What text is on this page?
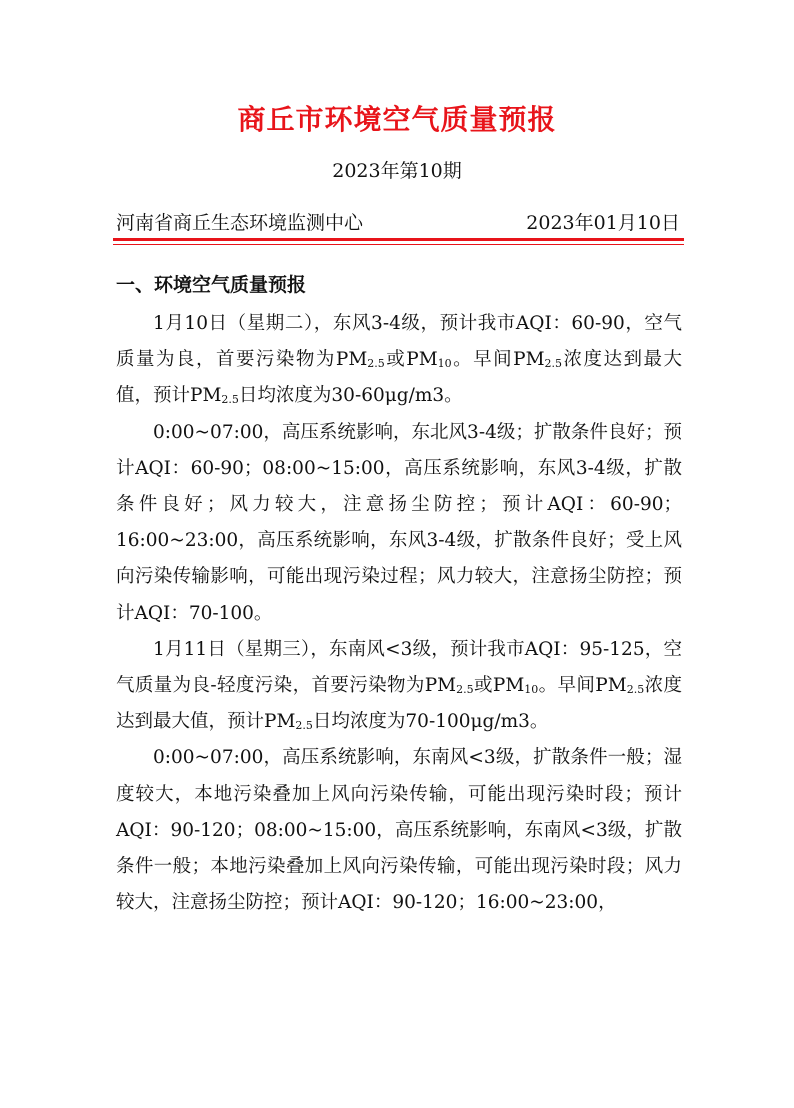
商丘市环境空气质量预报
2023年第10期
河南省商丘生态环境监测中心	2023年01月10日
一、环境空气质量预报

1月10日（星期二），东风3-4级，预计我市AQI：60-90，空气质量为良，首要污染物为$PM_{2.5}$或$PM_{10}$。早间$PM_{2.5}$浓度达到最大值，预计$PM_{2.5}$日均浓度为30-60μg/m3。

0:00~07:00，高压系统影响，东北风3-4级；扩散条件良好；预计AQI：60-90；08:00~15:00，高压系统影响，东风3-4级，扩散条件良好；风力较大，注意扬尘防控；预计AQI：60-90；16:00~23:00，高压系统影响，东风3-4级，扩散条件良好；受上风向污染传输影响，可能出现污染过程；风力较大，注意扬尘防控；预计AQI：70-100。

1月11日（星期三），东南风<3级，预计我市AQI：95-125，空气质量为良-轻度污染，首要污染物为$PM_{2.5}$或$PM_{10}$。早间$PM_{2.5}$浓度达到最大值，预计$PM_{2.5}$日均浓度为70-100μg/m3。

0:00~07:00，高压系统影响，东南风<3级，扩散条件一般；湿度较大，本地污染叠加上风向污染传输，可能出现污染时段；预计AQI：90-120；08:00~15:00，高压系统影响，东南风<3级，扩散条件一般；本地污染叠加上风向污染传输，可能出现污染时段；风力较大，注意扬尘防控；预计AQI：90-120；16:00~23:00，
